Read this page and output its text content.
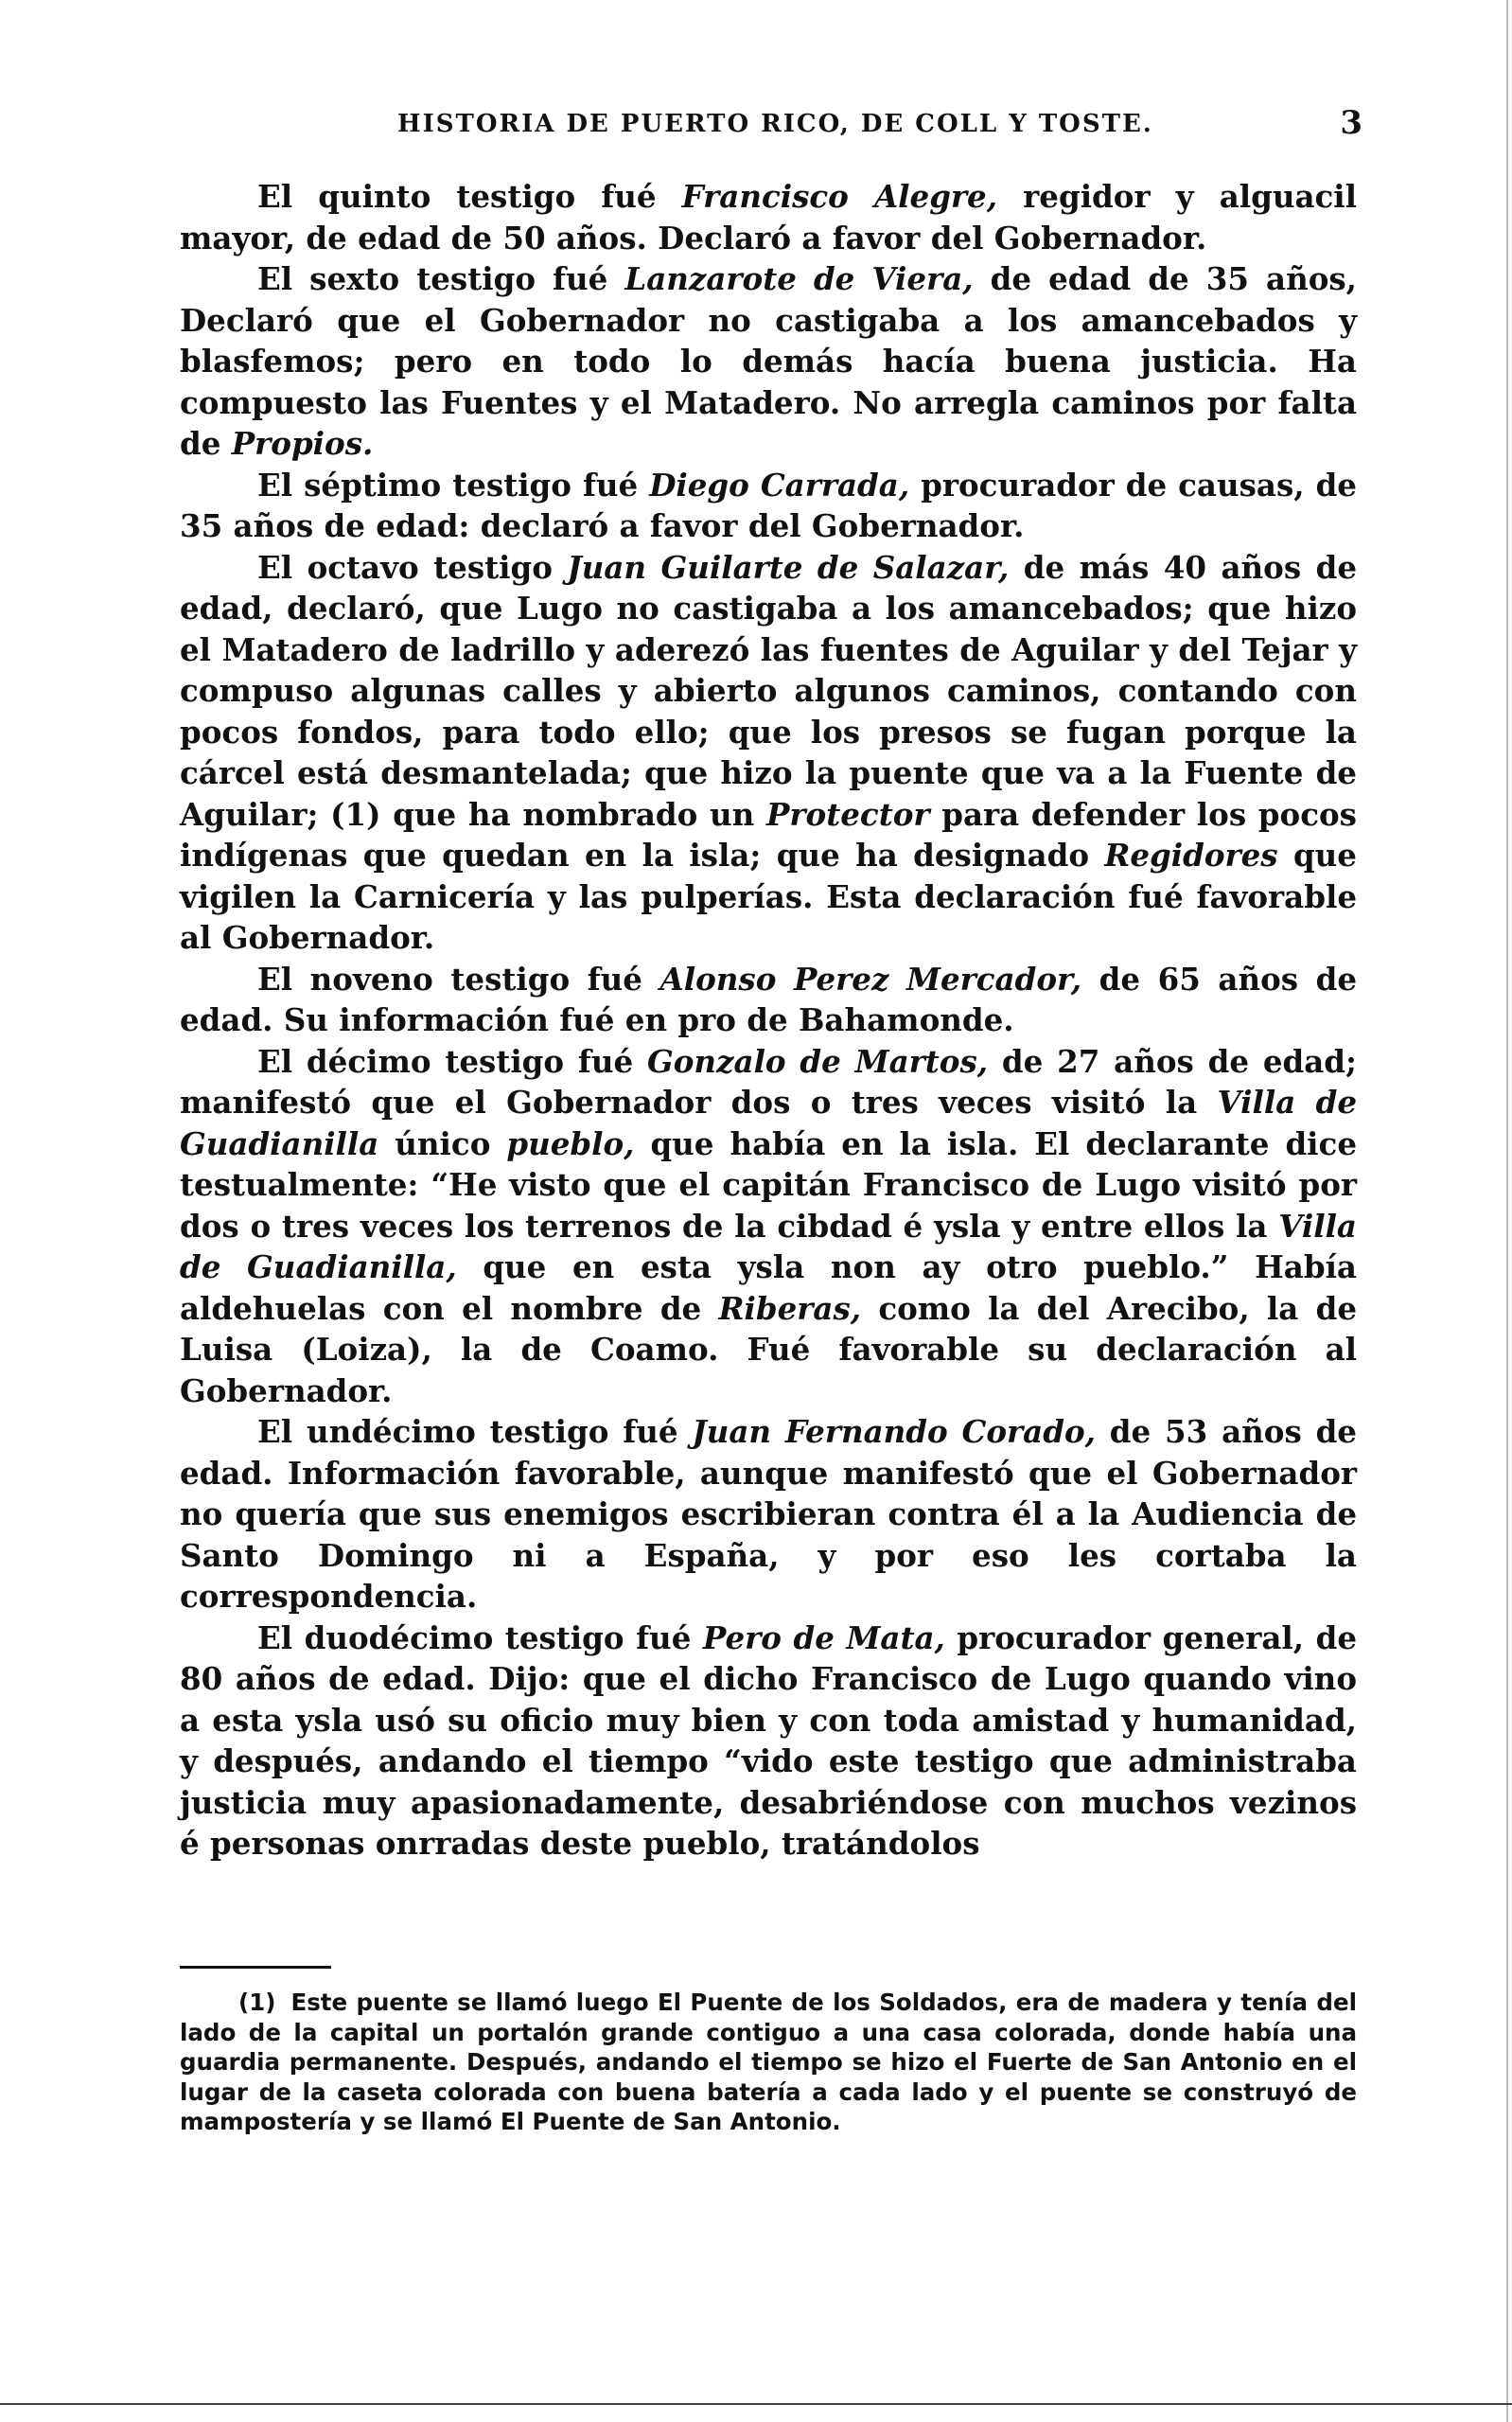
HISTORIA DE PUERTO RICO, DE COLL Y TOSTE.	3

El quinto testigo fué Francisco Alegre, regidor y alguacil mayor, de edad de 50 años. Declaró a favor del Gobernador.

El sexto testigo fué Lanzarote de Viera, de edad de 35 años, Declaró que el Gobernador no castigaba a los amancebados y blasfemos; pero en todo lo demás hacía buena justicia. Ha compuesto las Fuentes y el Matadero. No arregla caminos por falta de Propios.

El séptimo testigo fué Diego Carrada, procurador de causas, de 35 años de edad: declaró a favor del Gobernador.

El octavo testigo Juan Guilarte de Salazar, de más 40 años de edad, declaró, que Lugo no castigaba a los amancebados; que hizo el Matadero de ladrillo y aderezó las fuentes de Aguilar y del Tejar y compuso algunas calles y abierto algunos caminos, contando con pocos fondos, para todo ello; que los presos se fugan porque la cárcel está desmantelada; que hizo la puente que va a la Fuente de Aguilar; (1) que ha nombrado un Protector para defender los pocos indígenas que quedan en la isla; que ha designado Regidores que vigilen la Carnicería y las pulperías. Esta declaración fué favorable al Gobernador.

El noveno testigo fué Alonso Perez Mercador, de 65 años de edad. Su información fué en pro de Bahamonde.

El décimo testigo fué Gonzalo de Martos, de 27 años de edad; manifestó que el Gobernador dos o tres veces visitó la Villa de Guadianilla único pueblo, que había en la isla. El declarante dice testualmente: “He visto que el capitán Francisco de Lugo visitó por dos o tres veces los terrenos de la cibdad é ysla y entre ellos la Villa de Guadianilla, que en esta ysla non ay otro pueblo.” Había aldehuelas con el nombre de Riberas, como la del Arecibo, la de Luisa (Loiza), la de Coamo. Fué favorable su declaración al Gobernador.

El undécimo testigo fué Juan Fernando Corado, de 53 años de edad. Información favorable, aunque manifestó que el Gobernador no quería que sus enemigos escribieran contra él a la Audiencia de Santo Domingo ni a España, y por eso les cortaba la correspondencia.

El duodécimo testigo fué Pero de Mata, procurador general, de 80 años de edad. Dijo: que el dicho Francisco de Lugo quando vino a esta ysla usó su oficio muy bien y con toda amistad y humanidad, y después, andando el tiempo “vido este testigo que administraba justicia muy apasionadamente, desabriéndose con muchos vezinos é personas onrradas deste pueblo, tratándolos

(1) Este puente se llamó luego El Puente de los Soldados, era de madera y tenía del lado de la capital un portalón grande contiguo a una casa colorada, donde había una guardia permanente. Después, andando el tiempo se hizo el Fuerte de San Antonio en el lugar de la caseta colorada con buena batería a cada lado y el puente se construyó de mampostería y se llamó El Puente de San Antonio.
